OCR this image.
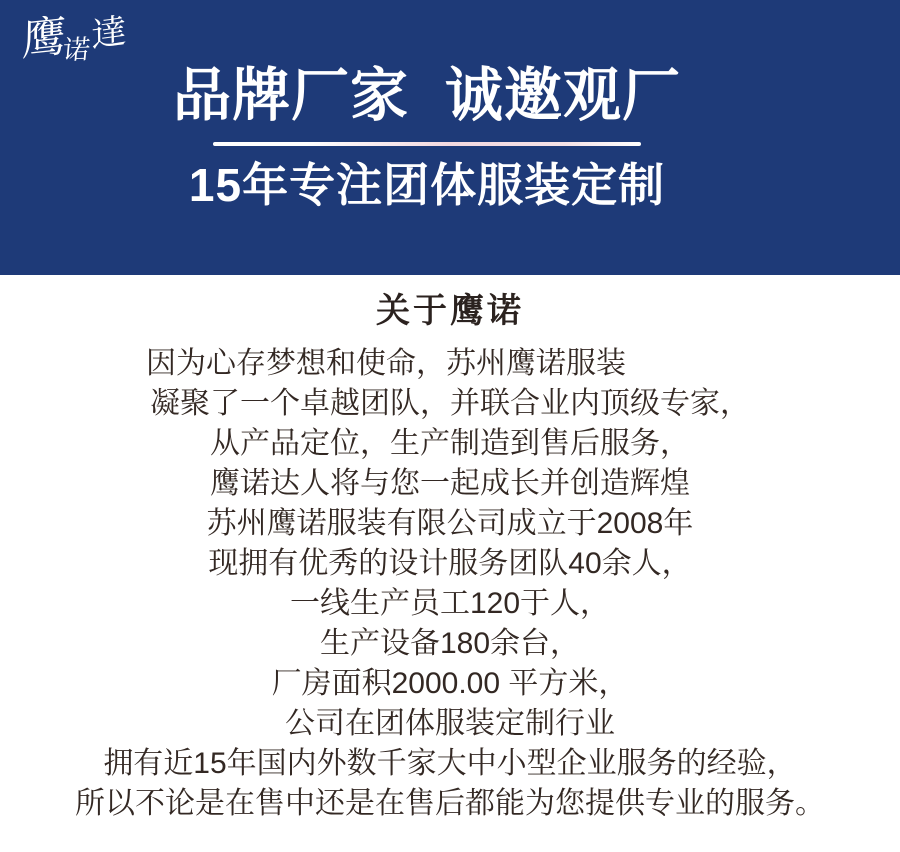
鹰诺達
品牌厂家 诚邀观厂
15年专注团体服装定制
关于鹰诺
因为心存梦想和使命，苏州鹰诺服装
凝聚了一个卓越团队，并联合业内顶级专家，
从产品定位，生产制造到售后服务，
鹰诺达人将与您一起成长并创造辉煌
苏州鹰诺服装有限公司成立于2008年
现拥有优秀的设计服务团队40余人，
一线生产员工120于人，
生产设备180余台，
厂房面积2000.00 平方米，
公司在团体服装定制行业
拥有近15年国内外数千家大中小型企业服务的经验，
所以不论是在售中还是在售后都能为您提供专业的服务。
